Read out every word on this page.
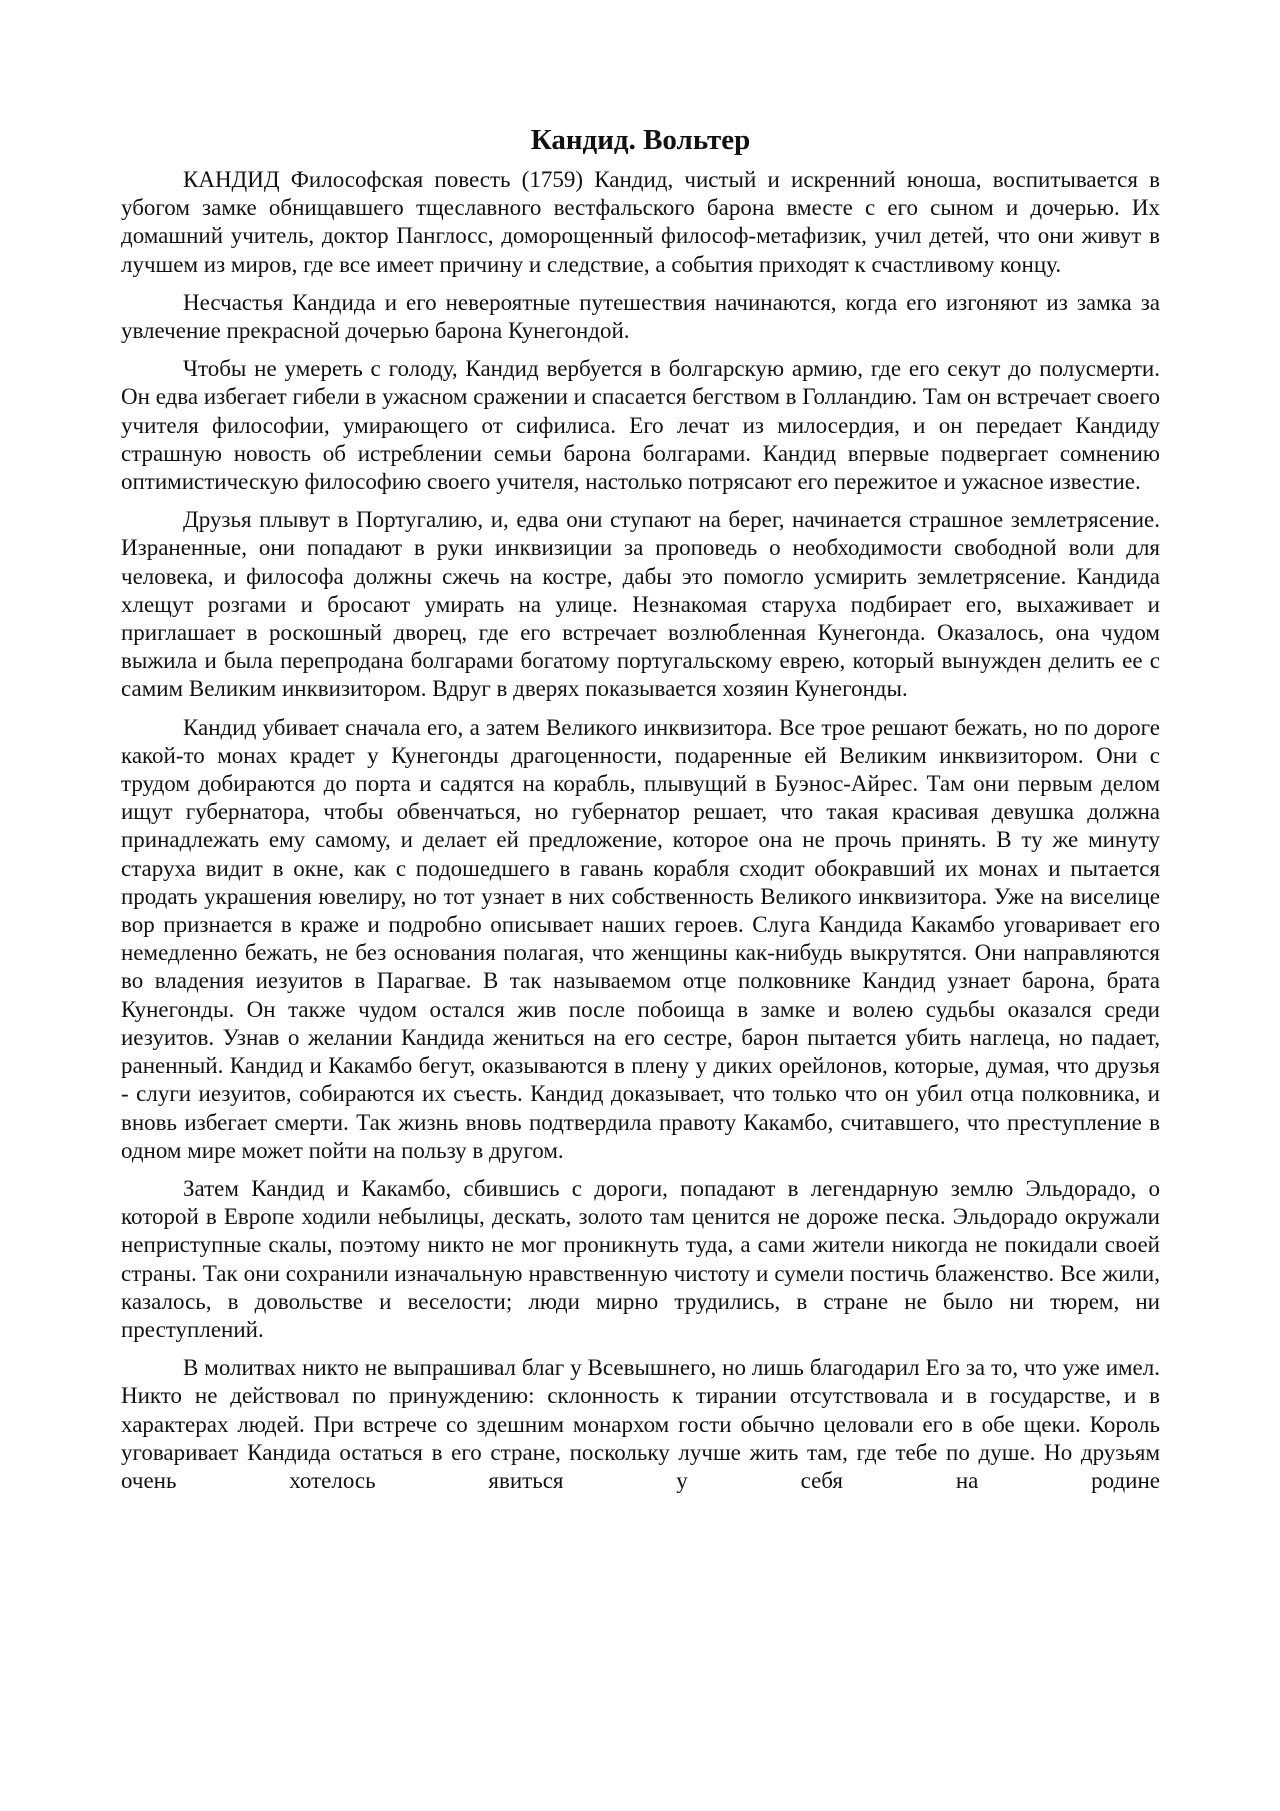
Кандид. Вольтер

КАНДИД Философская повесть (1759) Кандид, чистый и искренний юноша, воспитывается в убогом замке обнищавшего тщеславного вестфальского барона вместе с его сыном и дочерью. Их домашний учитель, доктор Панглосс, доморощенный философ-метафизик, учил детей, что они живут в лучшем из миров, где все имеет причину и следствие, а события приходят к счастливому концу.

Несчастья Кандида и его невероятные путешествия начинаются, когда его изгоняют из замка за увлечение прекрасной дочерью барона Кунегондой.

Чтобы не умереть с голоду, Кандид вербуется в болгарскую армию, где его секут до полусмерти. Он едва избегает гибели в ужасном сражении и спасается бегством в Голландию. Там он встречает своего учителя философии, умирающего от сифилиса. Его лечат из милосердия, и он передает Кандиду страшную новость об истреблении семьи барона болгарами. Кандид впервые подвергает сомнению оптимистическую философию своего учителя, настолько потрясают его пережитое и ужасное известие.

Друзья плывут в Португалию, и, едва они ступают на берег, начинается страшное землетрясение. Израненные, они попадают в руки инквизиции за проповедь о необходимости свободной воли для человека, и философа должны сжечь на костре, дабы это помогло усмирить землетрясение. Кандида хлещут розгами и бросают умирать на улице. Незнакомая старуха подбирает его, выхаживает и приглашает в роскошный дворец, где его встречает возлюбленная Кунегонда. Оказалось, она чудом выжила и была перепродана болгарами богатому португальскому еврею, который вынужден делить ее с самим Великим инквизитором. Вдруг в дверях показывается хозяин Кунегонды.

Кандид убивает сначала его, а затем Великого инквизитора. Все трое решают бежать, но по дороге какой-то монах крадет у Кунегонды драгоценности, подаренные ей Великим инквизитором. Они с трудом добираются до порта и садятся на корабль, плывущий в Буэнос-Айрес. Там они первым делом ищут губернатора, чтобы обвенчаться, но губернатор решает, что такая красивая девушка должна принадлежать ему самому, и делает ей предложение, которое она не прочь принять. В ту же минуту старуха видит в окне, как с подошедшего в гавань корабля сходит обокравший их монах и пытается продать украшения ювелиру, но тот узнает в них собственность Великого инквизитора. Уже на виселице вор признается в краже и подробно описывает наших героев. Слуга Кандида Какамбо уговаривает его немедленно бежать, не без основания полагая, что женщины как-нибудь выкрутятся. Они направляются во владения иезуитов в Парагвае. В так называемом отце полковнике Кандид узнает барона, брата Кунегонды. Он также чудом остался жив после побоища в замке и волею судьбы оказался среди иезуитов. Узнав о желании Кандида жениться на его сестре, барон пытается убить наглеца, но падает, раненный. Кандид и Какамбо бегут, оказываются в плену у диких орейлонов, которые, думая, что друзья - слуги иезуитов, собираются их съесть. Кандид доказывает, что только что он убил отца полковника, и вновь избегает смерти. Так жизнь вновь подтвердила правоту Какамбо, считавшего, что преступление в одном мире может пойти на пользу в другом.

Затем Кандид и Какамбо, сбившись с дороги, попадают в легендарную землю Эльдорадо, о которой в Европе ходили небылицы, дескать, золото там ценится не дороже песка. Эльдорадо окружали неприступные скалы, поэтому никто не мог проникнуть туда, а сами жители никогда не покидали своей страны. Так они сохранили изначальную нравственную чистоту и сумели постичь блаженство. Все жили, казалось, в довольстве и веселости; люди мирно трудились, в стране не было ни тюрем, ни преступлений.

В молитвах никто не выпрашивал благ у Всевышнего, но лишь благодарил Его за то, что уже имел. Никто не действовал по принуждению: склонность к тирании отсутствовала и в государстве, и в характерах людей. При встрече со здешним монархом гости обычно целовали его в обе щеки. Король уговаривает Кандида остаться в его стране, поскольку лучше жить там, где тебе по душе. Но друзьям очень хотелось явиться у себя на родине
